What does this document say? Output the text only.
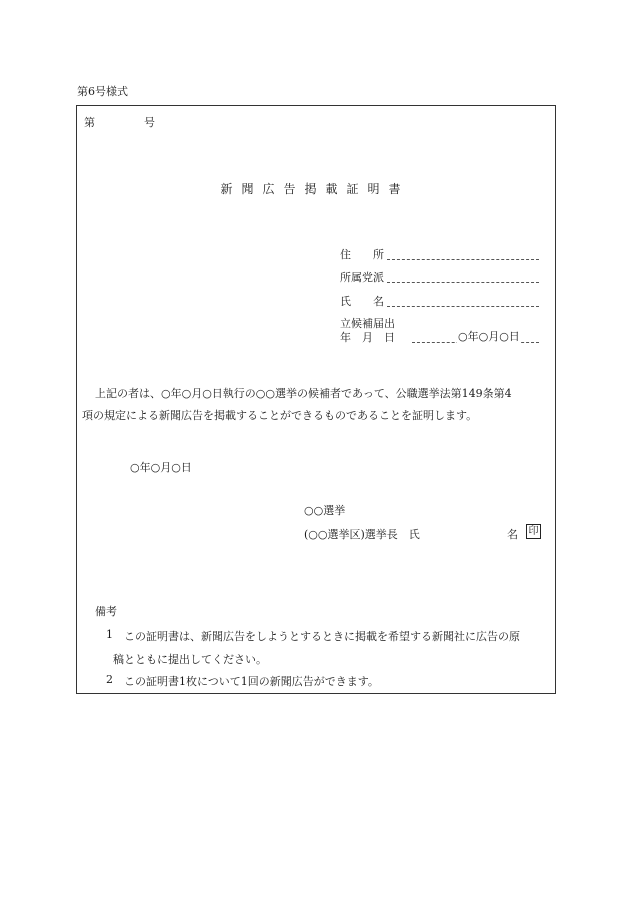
第6号様式
第	号
新聞広告掲載証明書
住　　所
所属党派
氏　　名
立候補届出
年　月　日	○年○月○日
上記の者は、○年○月○日執行の○○選挙の候補者であって、公職選挙法第149条第4
項の規定による新聞広告を掲載することができるものであることを証明します。
○年○月○日
○○選挙
(○○選挙区)選挙長　氏	名 印
備考
1 この証明書は、新聞広告をしようとするときに掲載を希望する新聞社に広告の原
稿とともに提出してください。
2 この証明書1枚について1回の新聞広告ができます。
